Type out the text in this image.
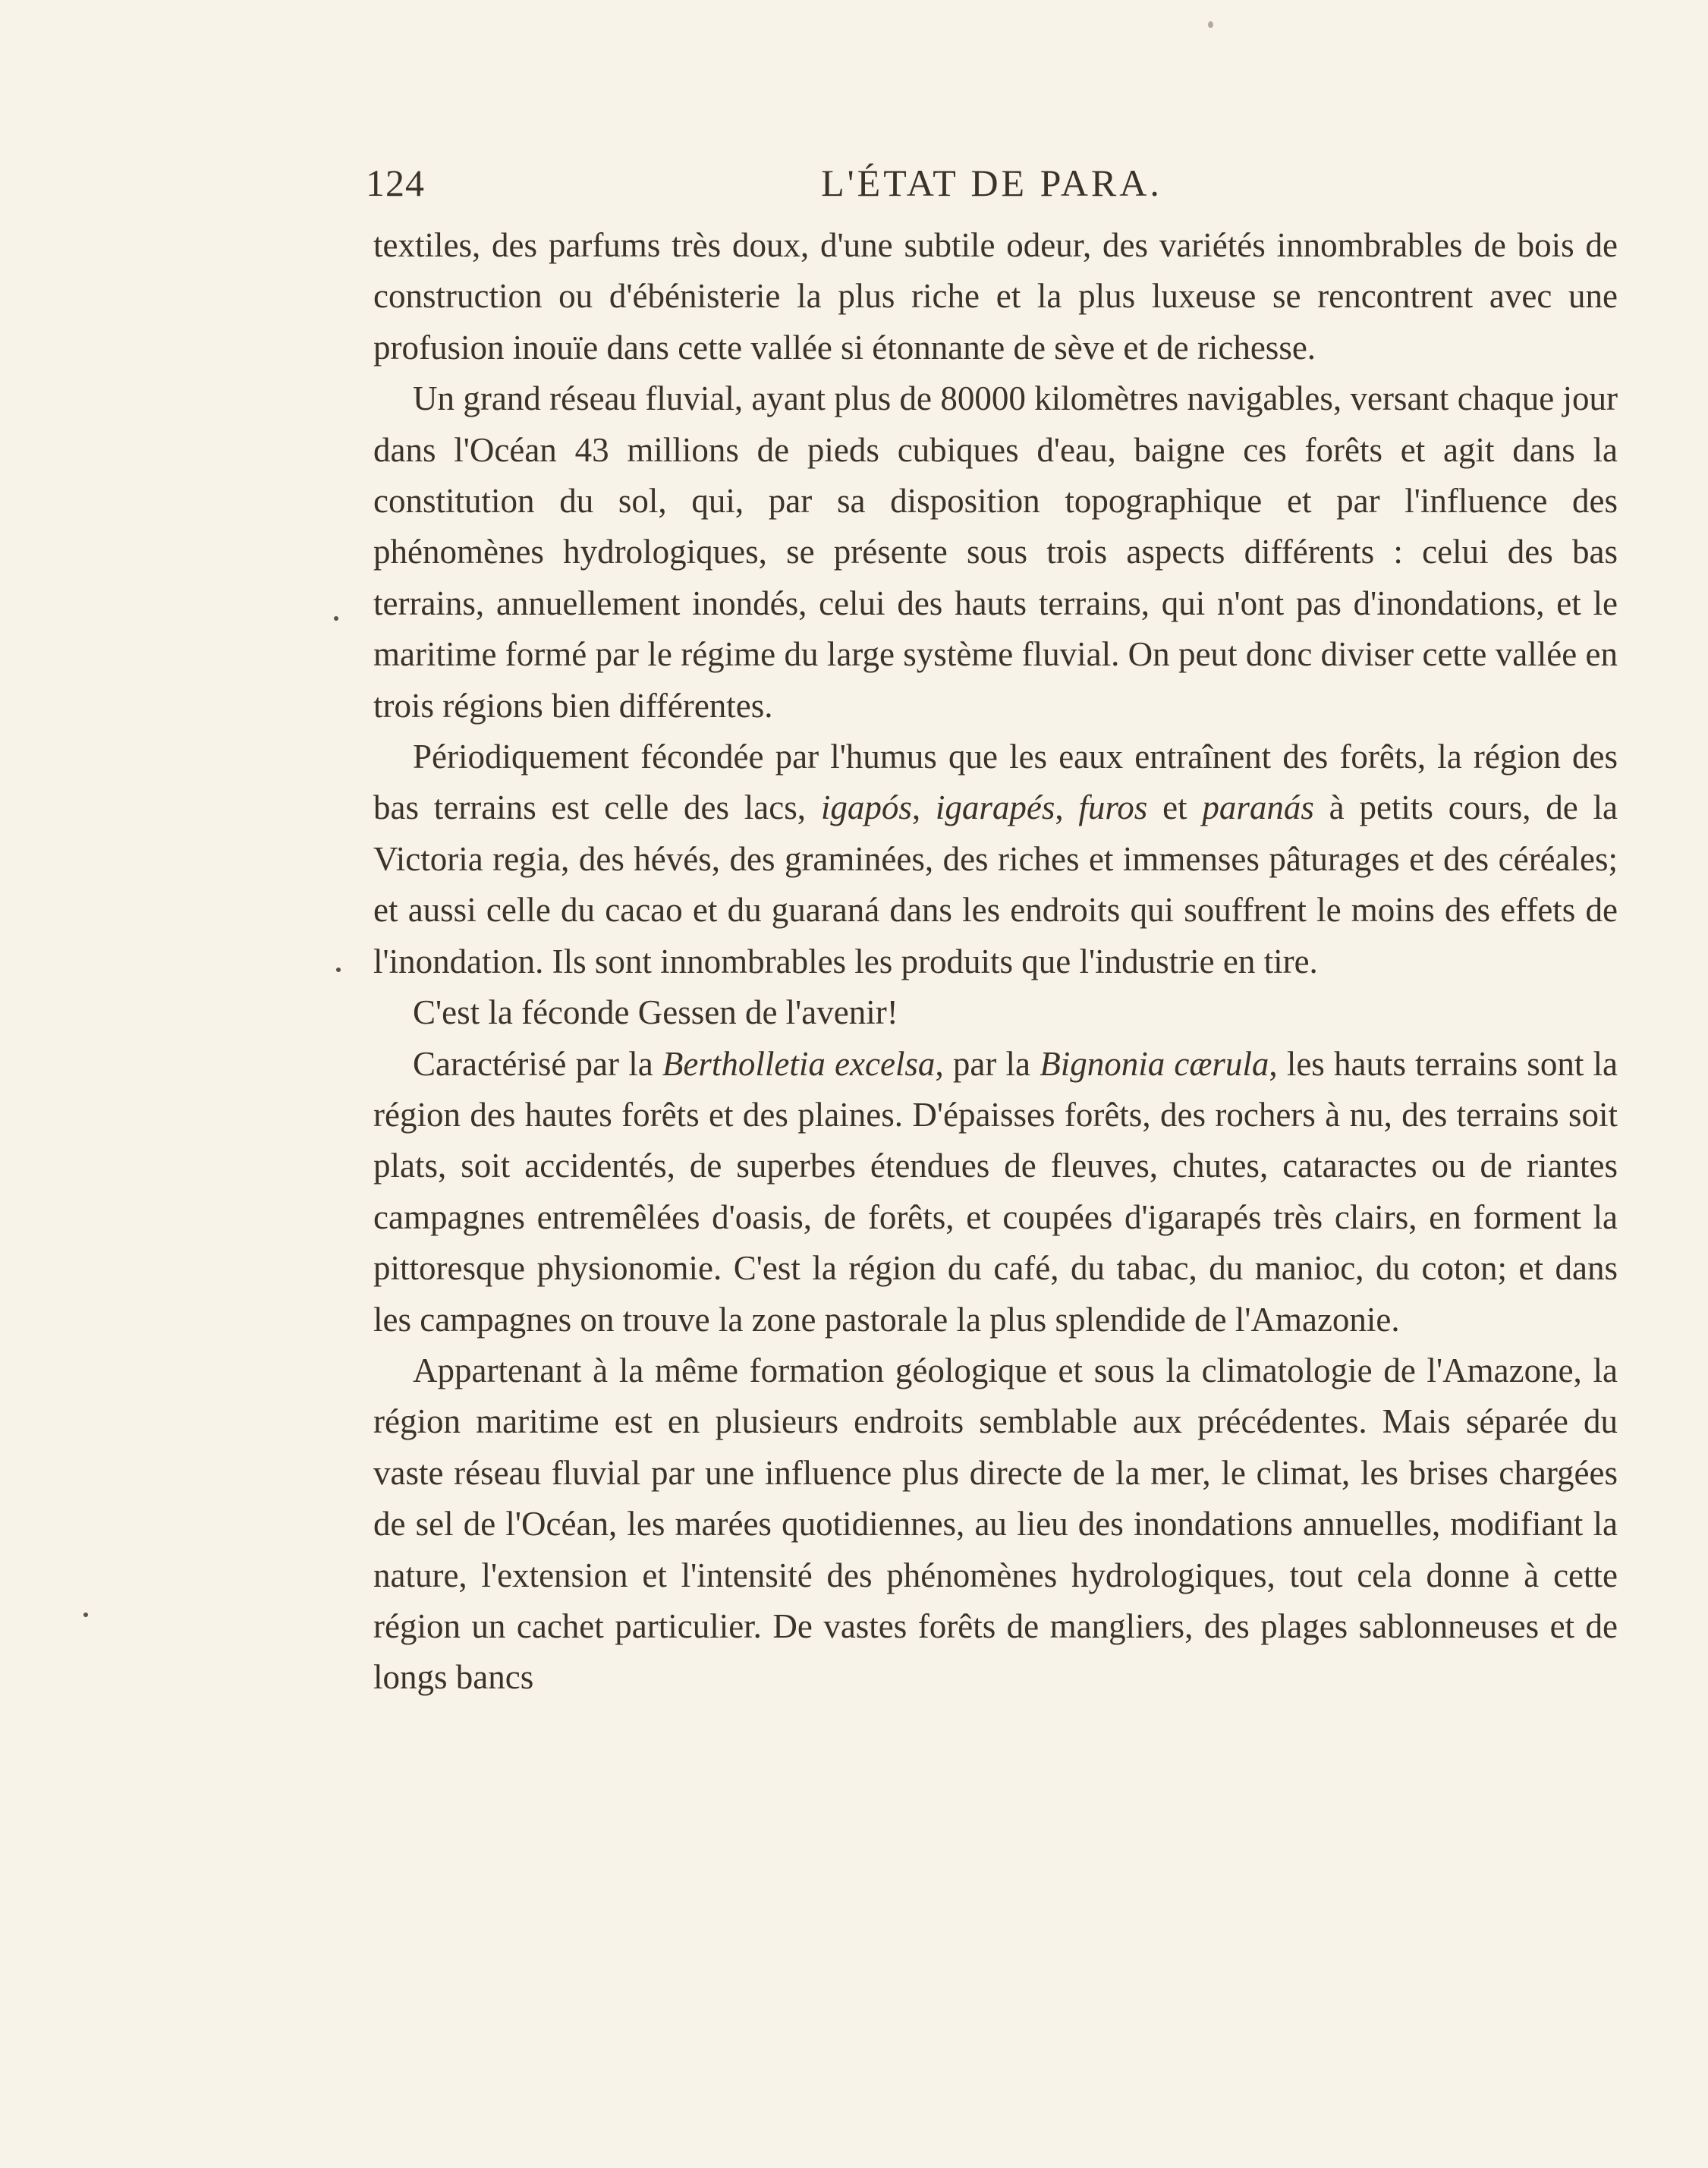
124	L'ÉTAT DE PARA.

textiles, des parfums très doux, d'une subtile odeur, des variétés innombrables de bois de construction ou d'ébénisterie la plus riche et la plus luxeuse se rencontrent avec une profusion inouïe dans cette vallée si étonnante de sève et de richesse.

Un grand réseau fluvial, ayant plus de 80000 kilomètres navigables, versant chaque jour dans l'Océan 43 millions de pieds cubiques d'eau, baigne ces forêts et agit dans la constitution du sol, qui, par sa disposition topographique et par l'influence des phénomènes hydrologiques, se présente sous trois aspects différents : celui des bas terrains, annuellement inondés, celui des hauts terrains, qui n'ont pas d'inondations, et le maritime formé par le régime du large système fluvial. On peut donc diviser cette vallée en trois régions bien différentes.

Périodiquement fécondée par l'humus que les eaux entraînent des forêts, la région des bas terrains est celle des lacs, igapós, igarapés, furos et paranás à petits cours, de la Victoria regia, des hévés, des graminées, des riches et immenses pâturages et des céréales; et aussi celle du cacao et du guaraná dans les endroits qui souffrent le moins des effets de l'inondation. Ils sont innombrables les produits que l'industrie en tire.

C'est la féconde Gessen de l'avenir!

Caractérisé par la Bertholletia excelsa, par la Bignonia cærula, les hauts terrains sont la région des hautes forêts et des plaines. D'épaisses forêts, des rochers à nu, des terrains soit plats, soit accidentés, de superbes étendues de fleuves, chutes, cataractes ou de riantes campagnes entremêlées d'oasis, de forêts, et coupées d'igarapés très clairs, en forment la pittoresque physionomie. C'est la région du café, du tabac, du manioc, du coton; et dans les campagnes on trouve la zone pastorale la plus splendide de l'Amazonie.

Appartenant à la même formation géologique et sous la climatologie de l'Amazone, la région maritime est en plusieurs endroits semblable aux précédentes. Mais séparée du vaste réseau fluvial par une influence plus directe de la mer, le climat, les brises chargées de sel de l'Océan, les marées quotidiennes, au lieu des inondations annuelles, modifiant la nature, l'extension et l'intensité des phénomènes hydrologiques, tout cela donne à cette région un cachet particulier. De vastes forêts de mangliers, des plages sablonneuses et de longs bancs
